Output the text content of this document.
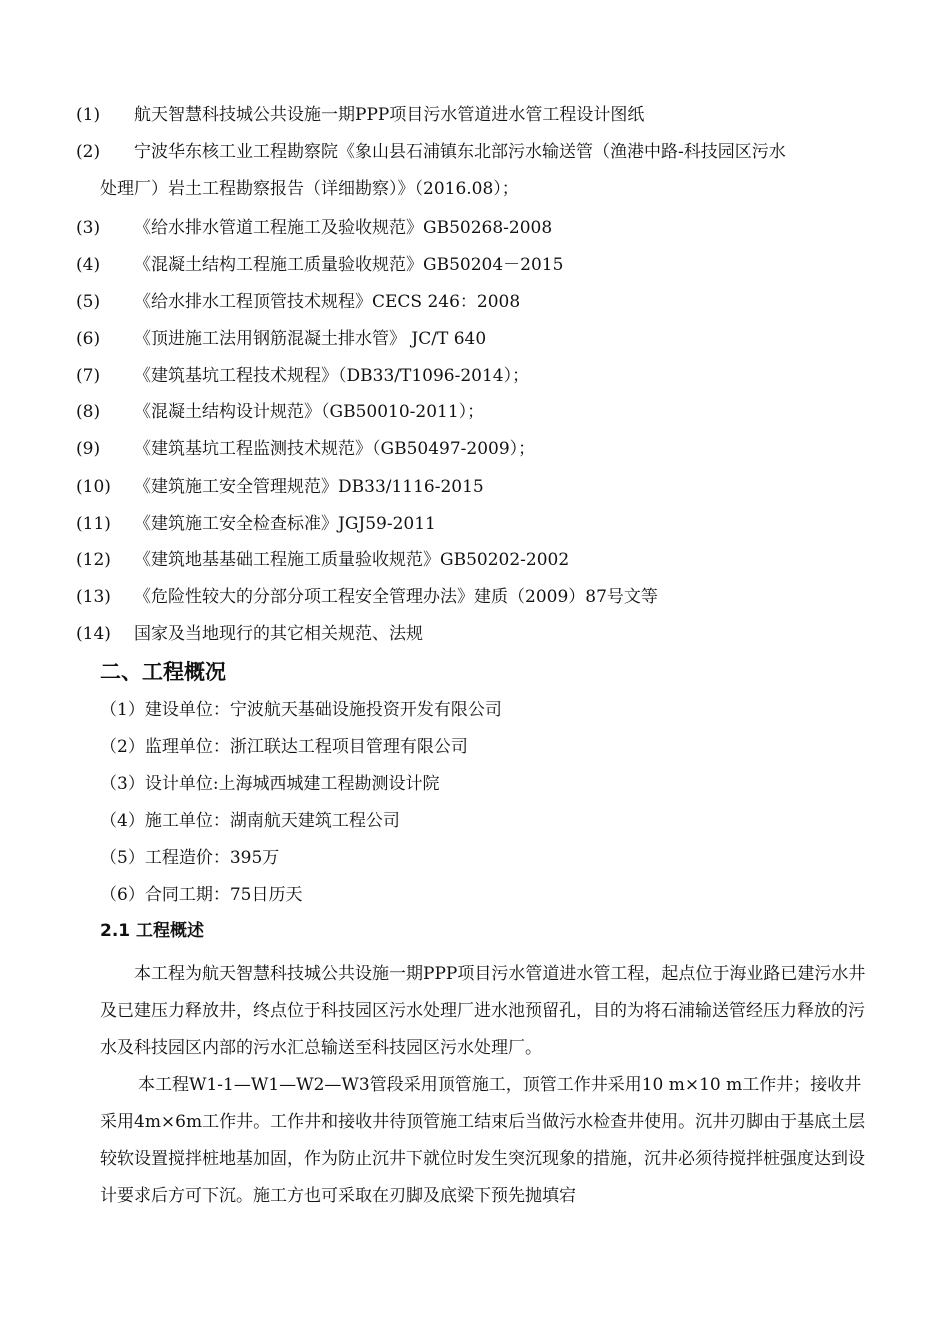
(1) 航天智慧科技城公共设施一期PPP项目污水管道进水管工程设计图纸
(2) 宁波华东核工业工程勘察院《象山县石浦镇东北部污水输送管（渔港中路-科技园区污水
处理厂）岩土工程勘察报告（详细勘察）》（2016.08）；
(3) 《给水排水管道工程施工及验收规范》GB50268-2008
(4) 《混凝土结构工程施工质量验收规范》GB50204－2015
(5) 《给水排水工程顶管技术规程》CECS 246：2008
(6) 《顶进施工法用钢筋混凝土排水管》 JC/T 640
(7) 《建筑基坑工程技术规程》（DB33/T1096-2014）；
(8) 《混凝土结构设计规范》（GB50010-2011）；
(9) 《建筑基坑工程监测技术规范》（GB50497-2009）；
(10) 《建筑施工安全管理规范》DB33/1116-2015
(11) 《建筑施工安全检查标准》JGJ59-2011
(12) 《建筑地基基础工程施工质量验收规范》GB50202-2002
(13) 《危险性较大的分部分项工程安全管理办法》建质（2009）87号文等
(14) 国家及当地现行的其它相关规范、法规
二、工程概况
（1）建设单位：宁波航天基础设施投资开发有限公司
（2）监理单位：浙江联达工程项目管理有限公司
（3）设计单位:上海城西城建工程勘测设计院
（4）施工单位：湖南航天建筑工程公司
（5）工程造价：395万
（6）合同工期：75日历天
2.1 工程概述
本工程为航天智慧科技城公共设施一期PPP项目污水管道进水管工程，起点位于海业路已建污水井及已建压力释放井，终点位于科技园区污水处理厂进水池预留孔，目的为将石浦输送管经压力释放的污水及科技园区内部的污水汇总输送至科技园区污水处理厂。
本工程W1-1—W1—W2—W3管段采用顶管施工，顶管工作井采用10 m×10 m工作井；接收井采用4m×6m工作井。工作井和接收井待顶管施工结束后当做污水检查井使用。沉井刃脚由于基底土层较软设置搅拌桩地基加固，作为防止沉井下就位时发生突沉现象的措施，沉井必须待搅拌桩强度达到设计要求后方可下沉。施工方也可采取在刃脚及底梁下预先抛填宕
